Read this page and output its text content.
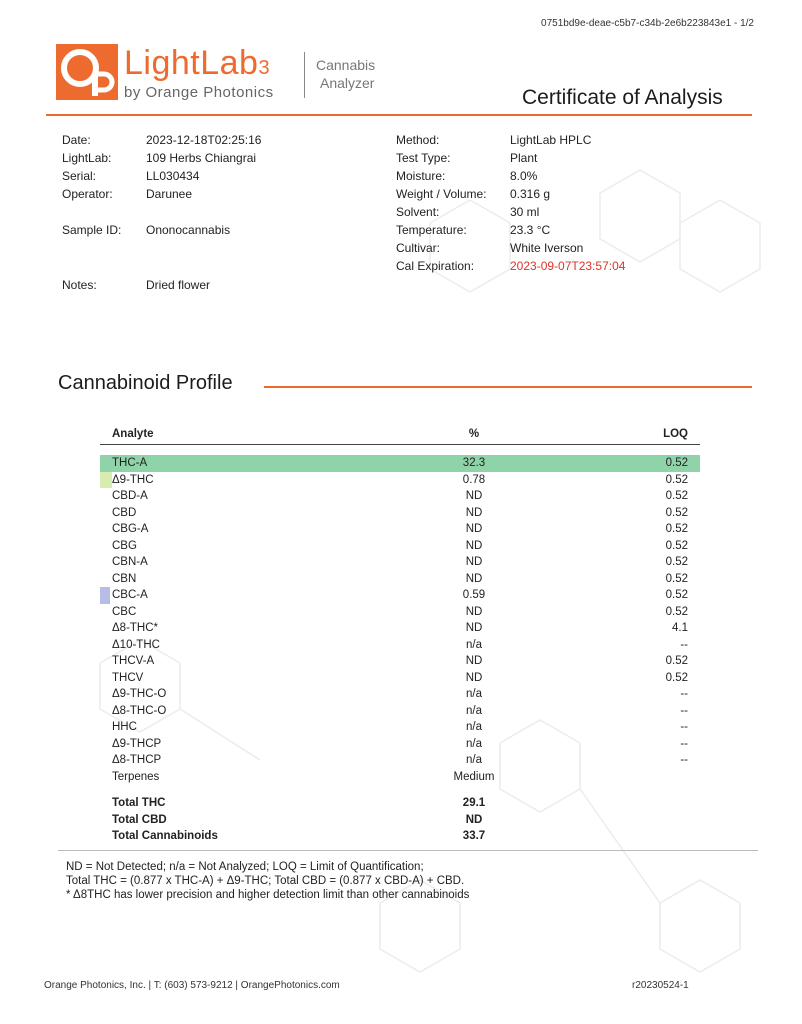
0751bd9e-deae-c5b7-c34b-2e6b223843e1 - 1/2
LightLab3
by Orange Photonics
Cannabis
Analyzer
Certificate of Analysis
Date:	2023-12-18T02:25:16
LightLab:	109 Herbs Chiangrai
Serial:	LL030434
Operator:	Darunee
Sample ID: Ononocannabis
Notes:	Dried flower
Method:	LightLab HPLC
Test Type:	Plant
Moisture:	8.0%
Weight / Volume: 0.316 g
Solvent:	30 ml
Temperature:	23.3 °C
Cultivar:	White Iverson
Cal Expiration:	2023-09-07T23:57:04
Cannabinoid Profile
Analyte	%	LOQ

THC-A	32.3	0.52
Δ9-THC	0.78	0.52
CBD-A	ND	0.52
CBD	ND	0.52
CBG-A	ND	0.52
CBG	ND	0.52
CBN-A	ND	0.52
CBN	ND	0.52
CBC-A	0.59	0.52
CBC	ND	0.52
Δ8-THC*	ND	4.1
Δ10-THC	n/a	--
THCV-A	ND	0.52
THCV	ND	0.52
Δ9-THC-O	n/a	--
Δ8-THC-O	n/a	--
HHC	n/a	--
Δ9-THCP	n/a	--
Δ8-THCP	n/a	--
Terpenes	Medium	

Total THC	29.1	
Total CBD	ND	
Total Cannabinoids	33.7	
ND = Not Detected; n/a = Not Analyzed; LOQ = Limit of Quantification;
Total THC = (0.877 x THC-A) + Δ9-THC; Total CBD = (0.877 x CBD-A) + CBD.
* Δ8THC has lower precision and higher detection limit than other cannabinoids
Orange Photonics, Inc. | T: (603) 573-9212 | OrangePhotonics.com	r20230524-1
